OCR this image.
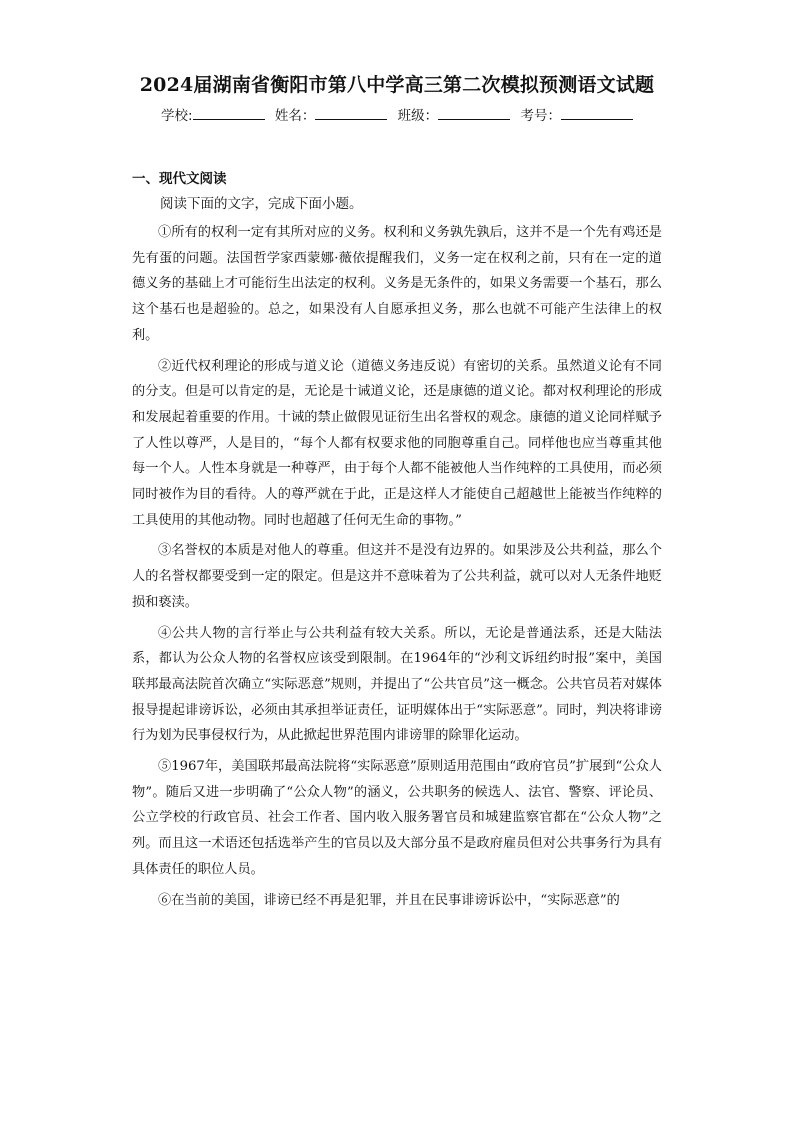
2024届湖南省衡阳市第八中学高三第二次模拟预测语文试题
学校:	姓名：	班级：	考号：
一、现代文阅读
阅读下面的文字，完成下面小题。

①所有的权利一定有其所对应的义务。权利和义务孰先孰后，这并不是一个先有鸡还是先有蛋的问题。法国哲学家西蒙娜·薇依提醒我们，义务一定在权利之前，只有在一定的道德义务的基础上才可能衍生出法定的权利。义务是无条件的，如果义务需要一个基石，那么这个基石也是超验的。总之，如果没有人自愿承担义务，那么也就不可能产生法律上的权利。

②近代权利理论的形成与道义论（道德义务违反说）有密切的关系。虽然道义论有不同的分支。但是可以肯定的是，无论是十诫道义论，还是康德的道义论。都对权利理论的形成和发展起着重要的作用。十诫的禁止做假见证衍生出名誉权的观念。康德的道义论同样赋予了人性以尊严，人是目的，“每个人都有权要求他的同胞尊重自己。同样他也应当尊重其他每一个人。人性本身就是一种尊严，由于每个人都不能被他人当作纯粹的工具使用，而必须同时被作为目的看待。人的尊严就在于此，正是这样人才能使自己超越世上能被当作纯粹的工具使用的其他动物。同时也超越了任何无生命的事物。”

③名誉权的本质是对他人的尊重。但这并不是没有边界的。如果涉及公共利益，那么个人的名誉权都要受到一定的限定。但是这并不意味着为了公共利益，就可以对人无条件地贬损和亵渎。

④公共人物的言行举止与公共利益有较大关系。所以，无论是普通法系，还是大陆法系，都认为公众人物的名誉权应该受到限制。在1964年的“沙利文诉纽约时报”案中，美国联邦最高法院首次确立“实际恶意”规则，并提出了“公共官员”这一概念。公共官员若对媒体报导提起诽谤诉讼，必须由其承担举证责任，证明媒体出于“实际恶意”。同时，判决将诽谤行为划为民事侵权行为，从此掀起世界范围内诽谤罪的除罪化运动。

⑤1967年，美国联邦最高法院将“实际恶意”原则适用范围由“政府官员”扩展到“公众人物”。随后又进一步明确了“公众人物”的涵义，公共职务的候选人、法官、警察、评论员、公立学校的行政官员、社会工作者、国内收入服务署官员和城建监察官都在“公众人物”之列。而且这一术语还包括选举产生的官员以及大部分虽不是政府雇员但对公共事务行为具有具体责任的职位人员。

⑥在当前的美国，诽谤已经不再是犯罪，并且在民事诽谤诉讼中，“实际恶意”的
